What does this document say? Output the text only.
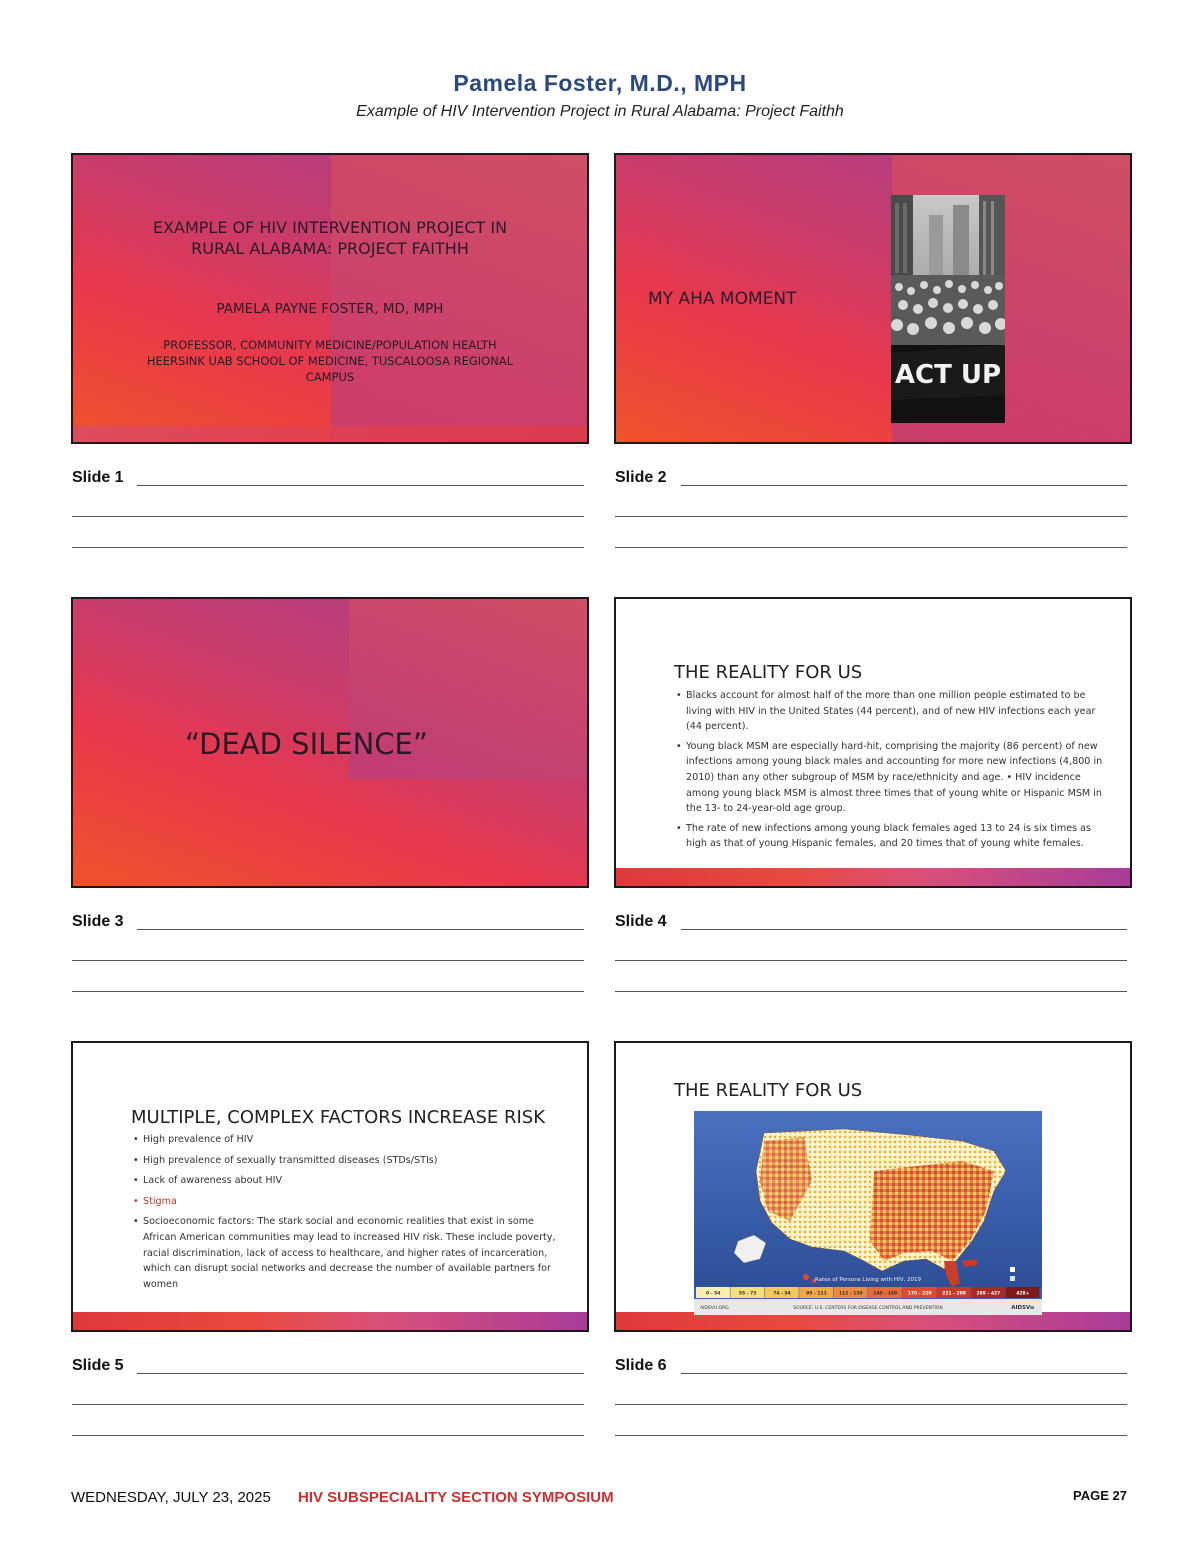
Pamela Foster, M.D., MPH
Example of HIV Intervention Project in Rural Alabama: Project Faithh
EXAMPLE OF HIV INTERVENTION PROJECT IN
RURAL ALABAMA: PROJECT FAITHH
PAMELA PAYNE FOSTER, MD, MPH
PROFESSOR, COMMUNITY MEDICINE/POPULATION HEALTH
HEERSINK UAB SCHOOL OF MEDICINE, TUSCALOOSA REGIONAL
CAMPUS
MY AHA MOMENT
ACT UP
“DEAD SILENCE”
THE REALITY FOR US
• Blacks account for almost half of the more than one million people estimated to be living with HIV in the United States (44 percent), and of new HIV infections each year (44 percent).
• Young black MSM are especially hard-hit, comprising the majority (86 percent) of new infections among young black males and accounting for more new infections (4,800 in 2010) than any other subgroup of MSM by race/ethnicity and age. • HIV incidence among young black MSM is almost three times that of young white or Hispanic MSM in the 13- to 24-year-old age group.
• The rate of new infections among young black females aged 13 to 24 is six times as high as that of young Hispanic females, and 20 times that of young white females.
MULTIPLE, COMPLEX FACTORS INCREASE RISK
• High prevalence of HIV
• High prevalence of sexually transmitted diseases (STDs/STIs)
• Lack of awareness about HIV
• Stigma
• Socioeconomic factors: The stark social and economic realities that exist in some African American communities may lead to increased HIV risk. These include poverty, racial discrimination, lack of access to healthcare, and higher rates of incarceration, which can disrupt social networks and decrease the number of available partners for women
THE REALITY FOR US
Rates of Persons Living with HIV, 2019
0 - 54	55 - 73	74 - 94	95 - 111	112 - 139 140 - 169 170 - 220 221 - 288 289 - 427	428+
AIDSVU.ORG	SOURCE: U.S. CENTERS FOR DISEASE CONTROL AND PREVENTION	AIDSVu
Slide 1	Slide 2
Slide 3	Slide 4
Slide 5	Slide 6
WEDNESDAY, JULY 23, 2025 HIV SUBSPECIALITY SECTION SYMPOSIUM	PAGE 27
